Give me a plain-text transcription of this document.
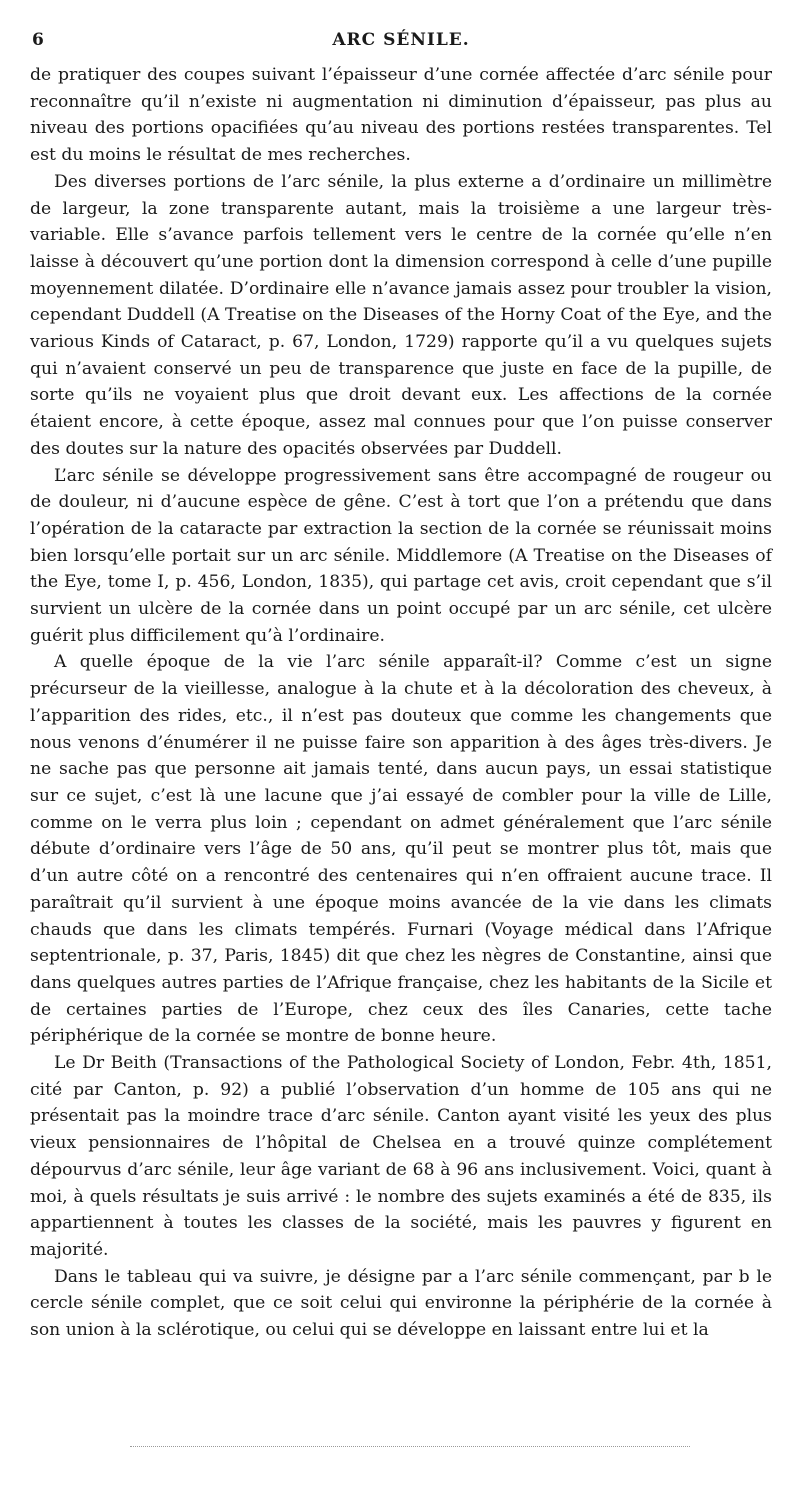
6	ARC SÉNILE.

de pratiquer des coupes suivant l’épaisseur d’une cornée affectée d’arc sénile pour reconnaître qu’il n’existe ni augmentation ni diminution d’épaisseur, pas plus au niveau des portions opacifiées qu’au niveau des portions restées transparentes. Tel est du moins le résultat de mes recherches.

Des diverses portions de l’arc sénile, la plus externe a d’ordinaire un millimètre de largeur, la zone transparente autant, mais la troisième a une largeur très-variable. Elle s’avance parfois tellement vers le centre de la cornée qu’elle n’en laisse à découvert qu’une portion dont la dimension correspond à celle d’une pupille moyennement dilatée. D’ordinaire elle n’avance jamais assez pour troubler la vision, cependant Duddell (A Treatise on the Diseases of the Horny Coat of the Eye, and the various Kinds of Cataract, p. 67, London, 1729) rapporte qu’il a vu quelques sujets qui n’avaient conservé un peu de transparence que juste en face de la pupille, de sorte qu’ils ne voyaient plus que droit devant eux. Les affections de la cornée étaient encore, à cette époque, assez mal connues pour que l’on puisse conserver des doutes sur la nature des opacités observées par Duddell.

L’arc sénile se développe progressivement sans être accompagné de rougeur ou de douleur, ni d’aucune espèce de gêne. C’est à tort que l’on a prétendu que dans l’opération de la cataracte par extraction la section de la cornée se réunissait moins bien lorsqu’elle portait sur un arc sénile. Middlemore (A Treatise on the Diseases of the Eye, tome I, p. 456, London, 1835), qui partage cet avis, croit cependant que s’il survient un ulcère de la cornée dans un point occupé par un arc sénile, cet ulcère guérit plus difficilement qu’à l’ordinaire.

A quelle époque de la vie l’arc sénile apparaît-il? Comme c’est un signe précurseur de la vieillesse, analogue à la chute et à la décoloration des cheveux, à l’apparition des rides, etc., il n’est pas douteux que comme les changements que nous venons d’énumérer il ne puisse faire son apparition à des âges très-divers. Je ne sache pas que personne ait jamais tenté, dans aucun pays, un essai statistique sur ce sujet, c’est là une lacune que j’ai essayé de combler pour la ville de Lille, comme on le verra plus loin ; cependant on admet généralement que l’arc sénile débute d’ordinaire vers l’âge de 50 ans, qu’il peut se montrer plus tôt, mais que d’un autre côté on a rencontré des centenaires qui n’en offraient aucune trace. Il paraîtrait qu’il survient à une époque moins avancée de la vie dans les climats chauds que dans les climats tempérés. Furnari (Voyage médical dans l’Afrique septentrionale, p. 37, Paris, 1845) dit que chez les nègres de Constantine, ainsi que dans quelques autres parties de l’Afrique française, chez les habitants de la Sicile et de certaines parties de l’Europe, chez ceux des îles Canaries, cette tache périphérique de la cornée se montre de bonne heure.

Le Dr Beith (Transactions of the Pathological Society of London, Febr. 4th, 1851, cité par Canton, p. 92) a publié l’observation d’un homme de 105 ans qui ne présentait pas la moindre trace d’arc sénile. Canton ayant visité les yeux des plus vieux pensionnaires de l’hôpital de Chelsea en a trouvé quinze complétement dépourvus d’arc sénile, leur âge variant de 68 à 96 ans inclusivement. Voici, quant à moi, à quels résultats je suis arrivé : le nombre des sujets examinés a été de 835, ils appartiennent à toutes les classes de la société, mais les pauvres y figurent en majorité.

Dans le tableau qui va suivre, je désigne par a l’arc sénile commençant, par b le cercle sénile complet, que ce soit celui qui environne la périphérie de la cornée à son union à la sclérotique, ou celui qui se développe en laissant entre lui et la
